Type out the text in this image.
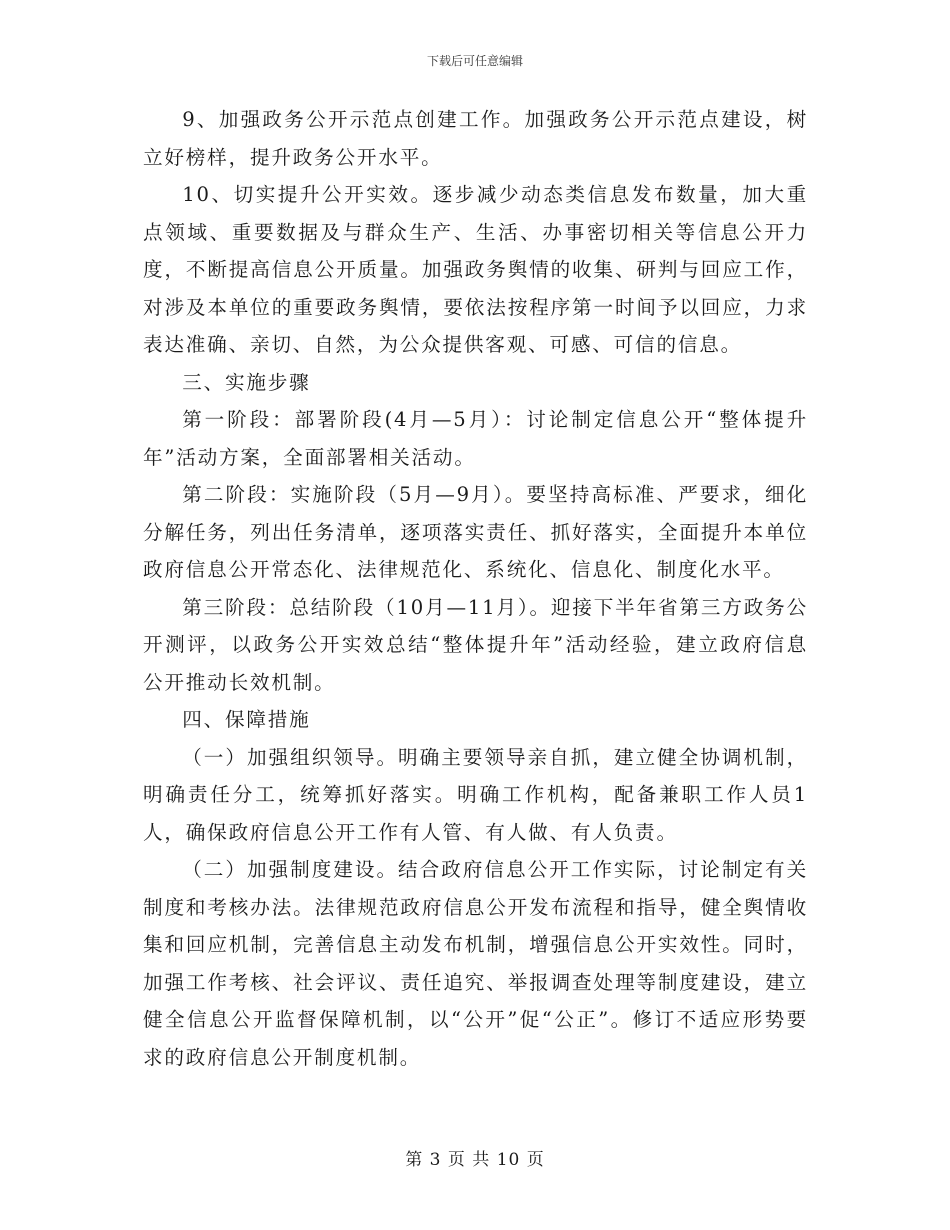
下载后可任意编辑

9、加强政务公开示范点创建工作。加强政务公开示范点建设，树立好榜样，提升政务公开水平。

10、切实提升公开实效。逐步减少动态类信息发布数量，加大重点领域、重要数据及与群众生产、生活、办事密切相关等信息公开力度，不断提高信息公开质量。加强政务舆情的收集、研判与回应工作，对涉及本单位的重要政务舆情，要依法按程序第一时间予以回应，力求表达准确、亲切、自然，为公众提供客观、可感、可信的信息。

三、实施步骤

第一阶段：部署阶段(4月—5月）：讨论制定信息公开“整体提升年”活动方案，全面部署相关活动。

第二阶段：实施阶段（5月—9月）。要坚持高标准、严要求，细化分解任务，列出任务清单，逐项落实责任、抓好落实，全面提升本单位政府信息公开常态化、法律规范化、系统化、信息化、制度化水平。

第三阶段：总结阶段（10月—11月）。迎接下半年省第三方政务公开测评，以政务公开实效总结“整体提升年”活动经验，建立政府信息公开推动长效机制。

四、保障措施

（一）加强组织领导。明确主要领导亲自抓，建立健全协调机制，明确责任分工，统筹抓好落实。明确工作机构，配备兼职工作人员1人，确保政府信息公开工作有人管、有人做、有人负责。

（二）加强制度建设。结合政府信息公开工作实际，讨论制定有关制度和考核办法。法律规范政府信息公开发布流程和指导，健全舆情收集和回应机制，完善信息主动发布机制，增强信息公开实效性。同时，加强工作考核、社会评议、责任追究、举报调查处理等制度建设，建立健全信息公开监督保障机制，以“公开”促“公正”。修订不适应形势要求的政府信息公开制度机制。

第 3 页 共 10 页
